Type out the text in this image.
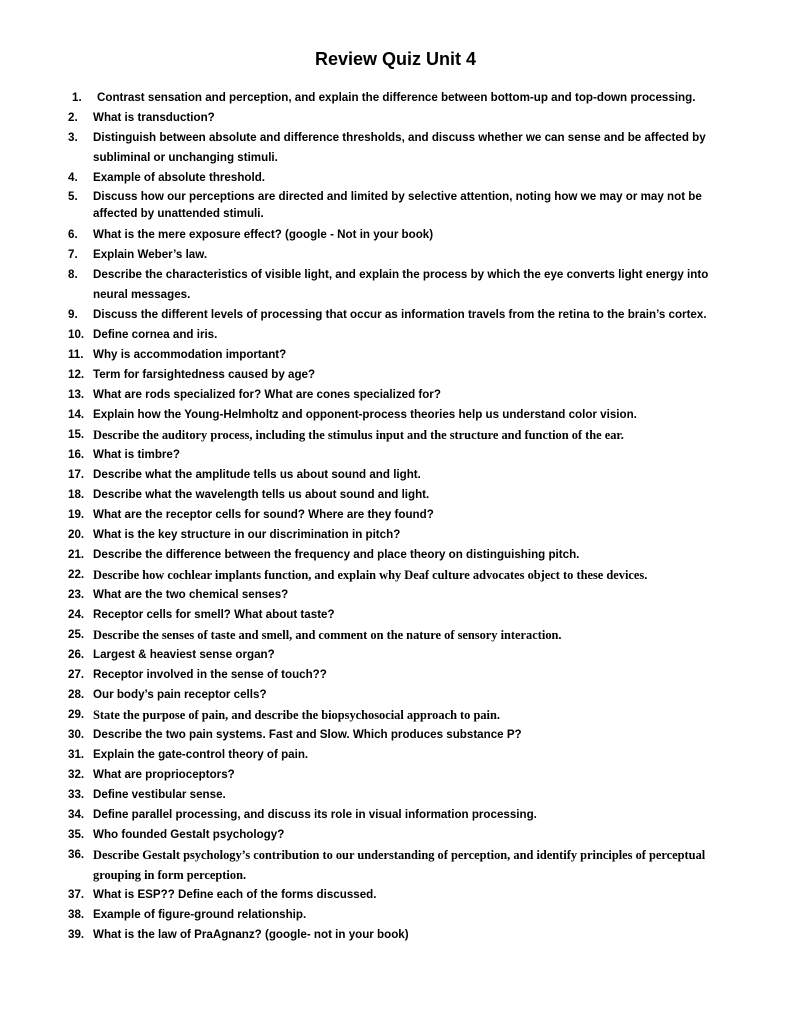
Review Quiz Unit 4
1.	Contrast sensation and perception, and explain the difference between bottom-up and top-down processing.
2.	What is transduction?
3.	Distinguish between absolute and difference thresholds, and discuss whether we can sense and be affected by subliminal or unchanging stimuli.
4.	Example of absolute threshold.
5.	Discuss how our perceptions are directed and limited by selective attention, noting how we may or may not be affected by unattended stimuli.
6.	What is the mere exposure effect? (google - Not in your book)
7.	Explain Weber’s law.
8.	Describe the characteristics of visible light, and explain the process by which the eye converts light energy into neural messages.
9.	Discuss the different levels of processing that occur as information travels from the retina to the brain’s cortex.
10. Define cornea and iris.
11. Why is accommodation important?
12. Term for farsightedness caused by age?
13. What are rods specialized for? What are cones specialized for?
14. Explain how the Young-Helmholtz and opponent-process theories help us understand color vision.
15. Describe the auditory process, including the stimulus input and the structure and function of the ear.
16. What is timbre?
17. Describe what the amplitude tells us about sound and light.
18. Describe what the wavelength tells us about sound and light.
19. What are the receptor cells for sound? Where are they found?
20. What is the key structure in our discrimination in pitch?
21. Describe the difference between the frequency and place theory on distinguishing pitch.
22. Describe how cochlear implants function, and explain why Deaf culture advocates object to these devices.
23. What are the two chemical senses?
24. Receptor cells for smell? What about taste?
25. Describe the senses of taste and smell, and comment on the nature of sensory interaction.
26. Largest & heaviest sense organ?
27. Receptor involved in the sense of touch??
28. Our body’s pain receptor cells?
29. State the purpose of pain, and describe the biopsychosocial approach to pain.
30. Describe the two pain systems. Fast and Slow. Which produces substance P?
31. Explain the gate-control theory of pain.
32. What are proprioceptors?
33. Define vestibular sense.
34. Define parallel processing, and discuss its role in visual information processing.
35. Who founded Gestalt psychology?
36. Describe Gestalt psychology’s contribution to our understanding of perception, and identify principles of perceptual grouping in form perception.
37. What is ESP?? Define each of the forms discussed.
38. Example of figure-ground relationship.
39. What is the law of PraAgnanz? (google- not in your book)
